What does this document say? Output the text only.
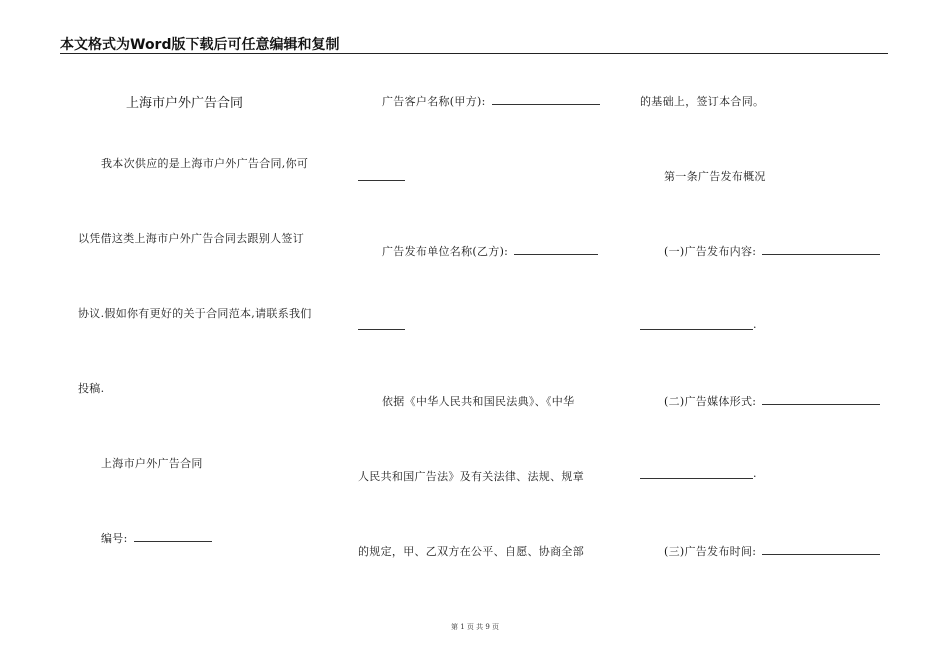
本文格式为Word版下载后可任意编辑和复制
上海市户外广告合同
我本次供应的是上海市户外广告合同,你可
以凭借这类上海市户外广告合同去跟别人签订
协议.假如你有更好的关于合同范本,请联系我们
投稿.
上海市户外广告合同
编号:
广告客户名称(甲方):
广告发布单位名称(乙方):
依据《中华人民共和国民法典》、《中华
人民共和国广告法》及有关法律、法规、规章
的规定，甲、乙双方在公平、自愿、协商全部
的基础上，签订本合同。
第一条广告发布概况
(一)广告发布内容:
.
(二)广告媒体形式:
.
(三)广告发布时间:
第 1 页 共 9 页
